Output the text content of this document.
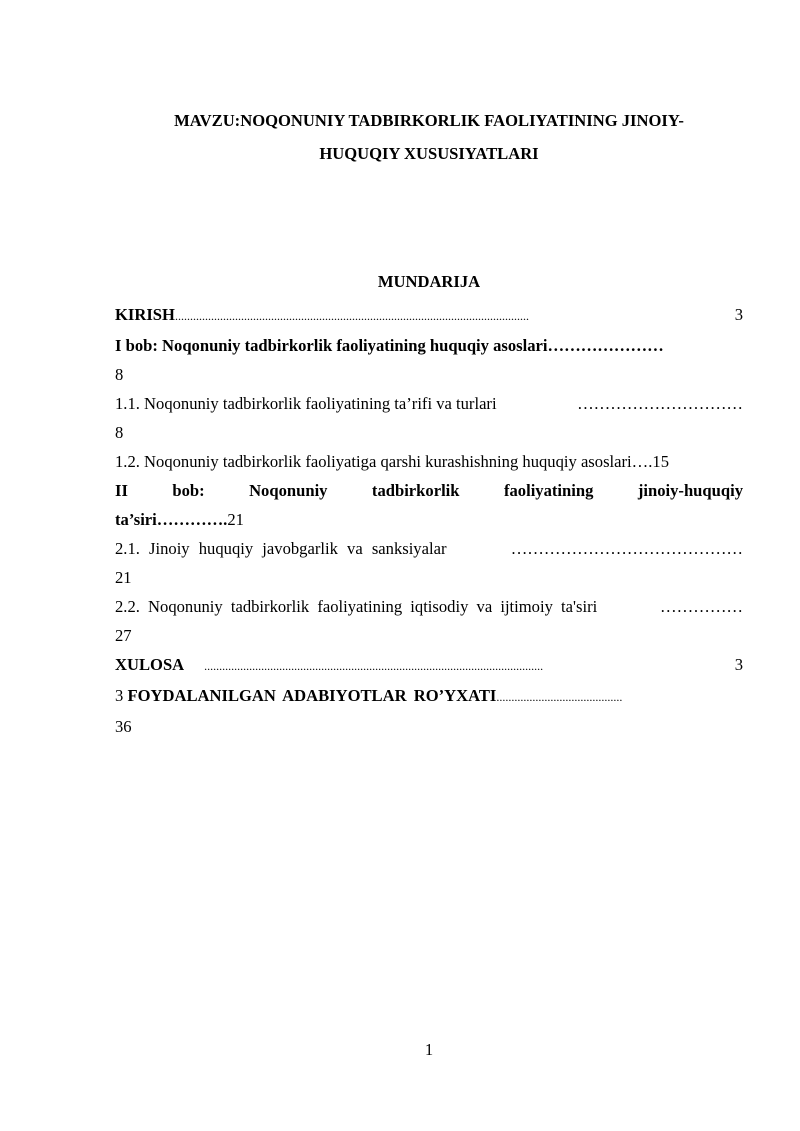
MAVZU:NOQONUNIY TADBIRKORLIK FAOLIYATINING JINOIY-
HUQUQIY XUSUSIYATLARI
MUNDARIJA
KIRISH......................................................................................................................	3
I bob: Noqonuniy tadbirkorlik faoliyatining huquqiy asoslari…………………
8
1.1. Noqonuniy tadbirkorlik faoliyatining ta’rifi va turlari	…………………………
8
1.2. Noqonuniy tadbirkorlik faoliyatiga qarshi kurashishning huquqiy asoslari….15
II	bob:	Noqonuniy	tadbirkorlik	faoliyatining	jinoiy-huquqiy
ta’siri………….21
2.1. Jinoiy huquqiy javobgarlik va sanksiyalar	……………………………………
21
2.2. Noqonuniy tadbirkorlik faoliyatining iqtisodiy va ijtimoiy ta'siri	……………
27
XULOSA .................................................................................................................	3
3 FOYDALANILGAN ADABIYOTLAR RO’YXATI..........................................
36
1
